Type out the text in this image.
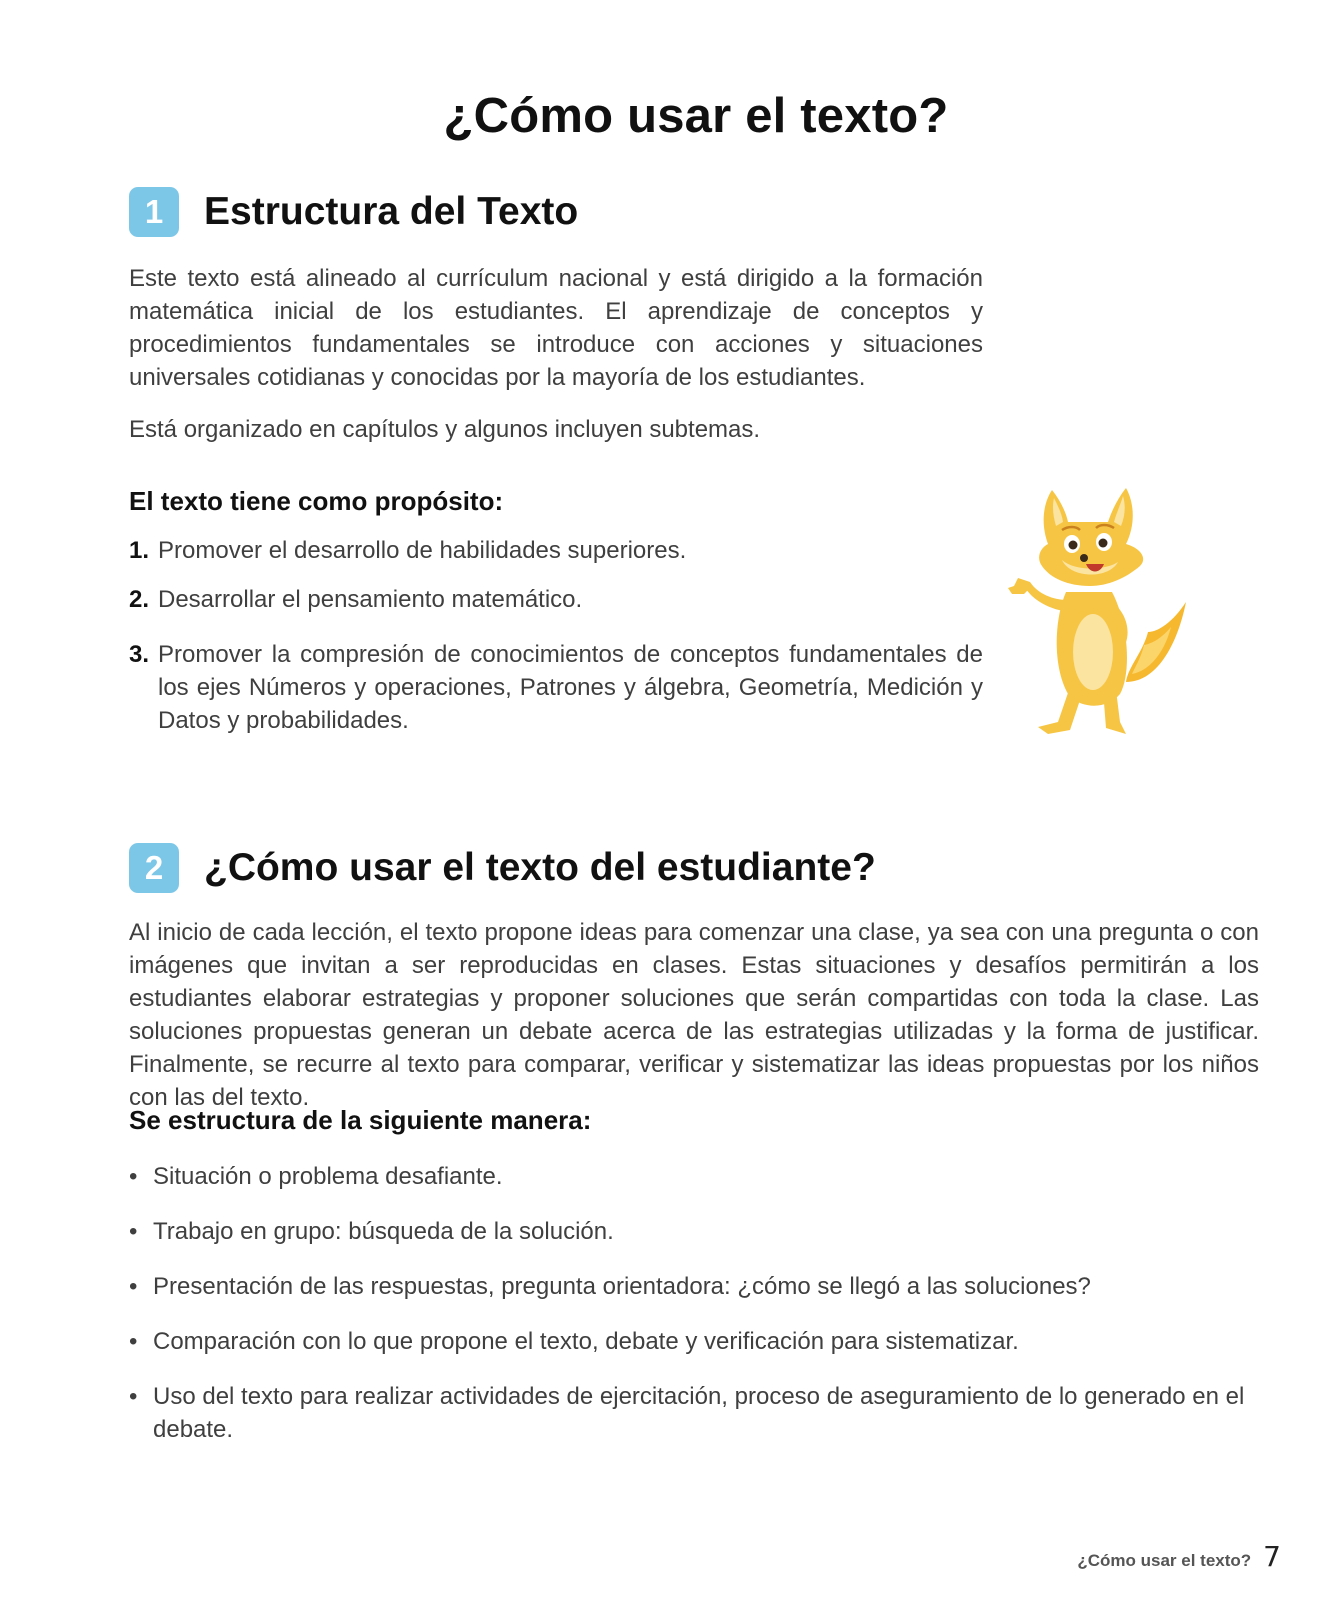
¿Cómo usar el texto?
1	Estructura del Texto

Este texto está alineado al currículum nacional y está dirigido a la formación matemática inicial de los estudiantes. El aprendizaje de conceptos y procedimientos fundamentales se introduce con acciones y situaciones universales cotidianas y conocidas por la mayoría de los estudiantes.

Está organizado en capítulos y algunos incluyen subtemas.

El texto tiene como propósito:
1. Promover el desarrollo de habilidades superiores.
2. Desarrollar el pensamiento matemático.
3. Promover la compresión de conocimientos de conceptos fundamentales de los ejes Números y operaciones, Patrones y álgebra, Geometría, Medición y Datos y probabilidades.
2	¿Cómo usar el texto del estudiante?

Al inicio de cada lección, el texto propone ideas para comenzar una clase, ya sea con una pregunta o con imágenes que invitan a ser reproducidas en clases. Estas situaciones y desafíos permitirán a los estudiantes elaborar estrategias y proponer soluciones que serán compartidas con toda la clase. Las soluciones propuestas generan un debate acerca de las estrategias utilizadas y la forma de justificar. Finalmente, se recurre al texto para comparar, verificar y sistematizar las ideas propuestas por los niños con las del texto.

Se estructura de la siguiente manera:
• Situación o problema desafiante.
• Trabajo en grupo: búsqueda de la solución.
• Presentación de las respuestas, pregunta orientadora: ¿cómo se llegó a las soluciones?
• Comparación con lo que propone el texto, debate y verificación para sistematizar.
• Uso del texto para realizar actividades de ejercitación, proceso de aseguramiento de lo generado en el debate.
¿Cómo usar el texto? 7
